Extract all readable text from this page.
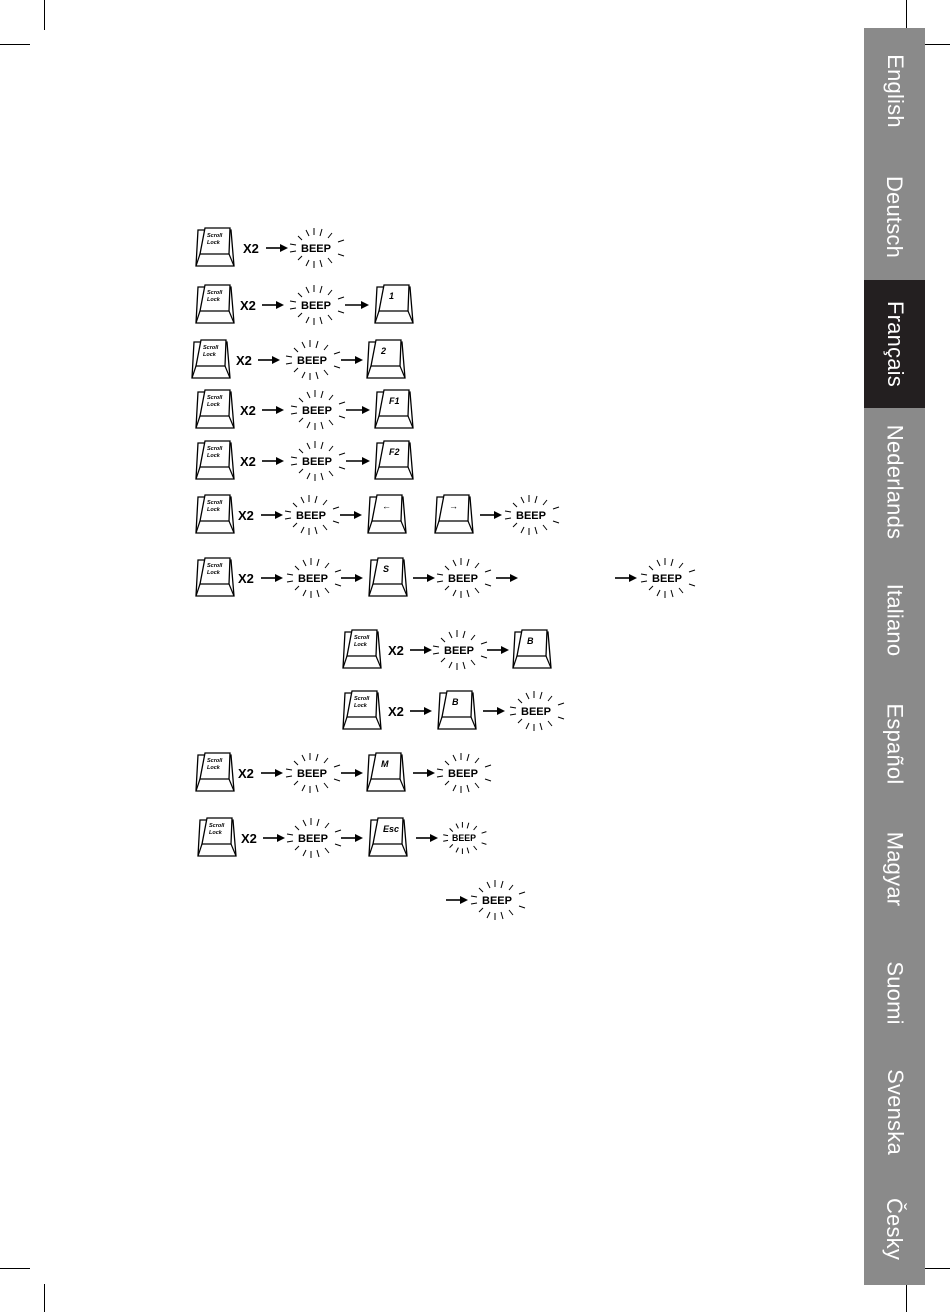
English
Deutsch
Français
Nederlands
Italiano
Español
Magyar
Suomi
Svenska
Česky
Scroll
Lock X2	BEEP
Scroll
Lock X2	BEEP
1
Scroll
Lock X2	BEEP
2
Scroll
Lock X2	BEEP
F1
Scroll
Lock X2	BEEP
F2
Scroll
Lock X2	BEEP
←	→
BEEP
Scroll
Lock X2	BEEP
S
BEEP	BEEP
Scroll
Lock X2	BEEP
B
Scroll
Lock X2
B
BEEP
Scroll
Lock X2	BEEP
M
BEEP
Scroll
Lock X2	BEEP
Esc
BEEP
BEEP
